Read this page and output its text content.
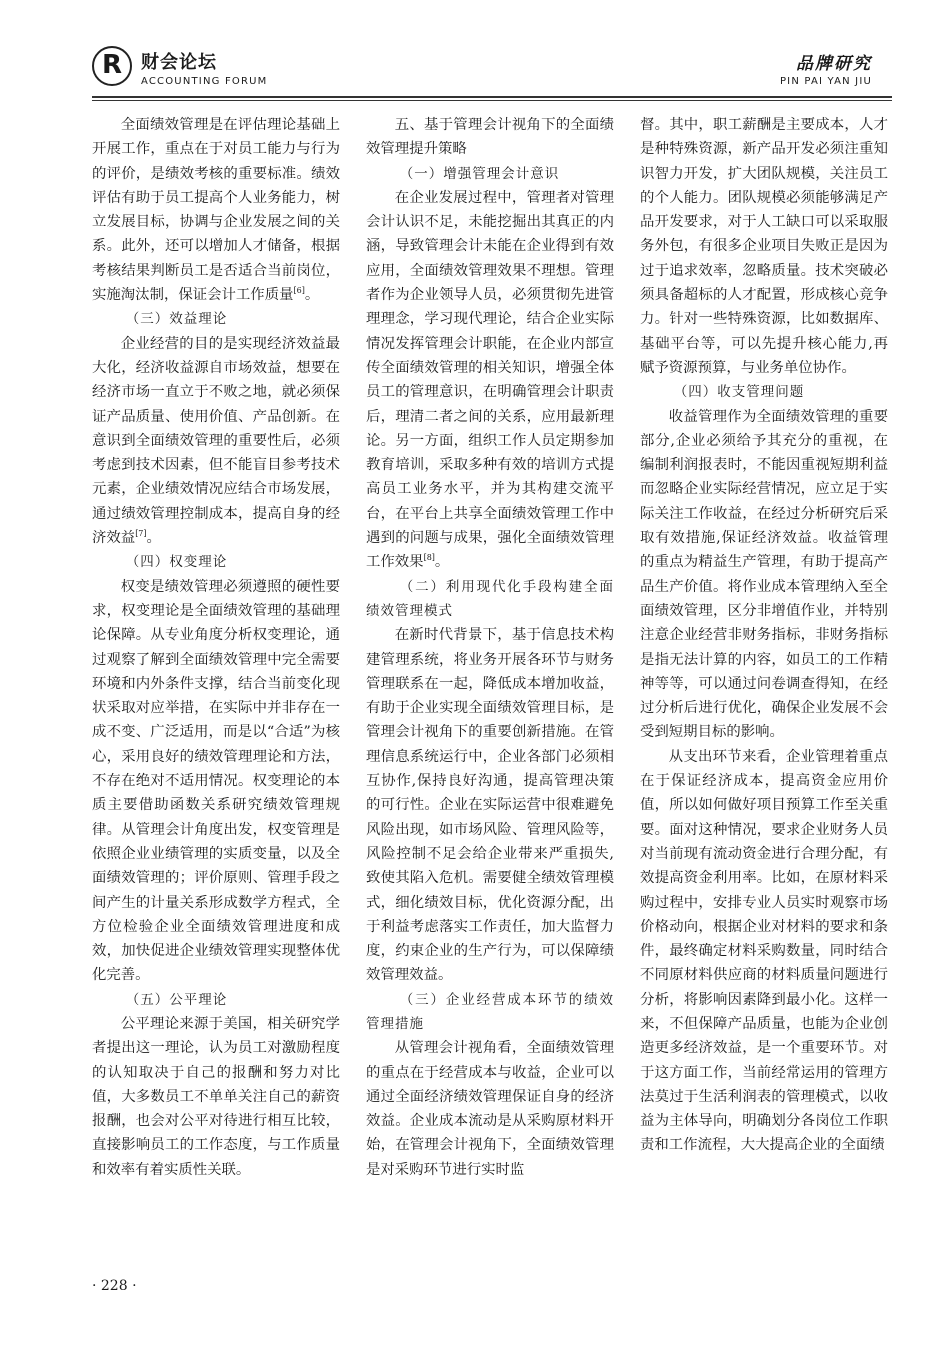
R	财会论坛
ACCOUNTING FORUM
品牌研究
PIN PAI YAN JIU

全面绩效管理是在评估理论基础上开展工作，重点在于对员工能力与行为的评价，是绩效考核的重要标准。绩效评估有助于员工提高个人业务能力，树立发展目标，协调与企业发展之间的关系。此外，还可以增加人才储备，根据考核结果判断员工是否适合当前岗位，实施淘汰制，保证会计工作质量[6]。

（三）效益理论

企业经营的目的是实现经济效益最大化，经济收益源自市场效益，想要在经济市场一直立于不败之地，就必须保证产品质量、使用价值、产品创新。在意识到全面绩效管理的重要性后，必须考虑到技术因素，但不能盲目参考技术元素，企业绩效情况应结合市场发展，通过绩效管理控制成本，提高自身的经济效益[7]。

（四）权变理论

权变是绩效管理必须遵照的硬性要求，权变理论是全面绩效管理的基础理论保障。从专业角度分析权变理论，通过观察了解到全面绩效管理中完全需要环境和内外条件支撑，结合当前变化现状采取对应举措，在实际中并非存在一成不变、广泛适用，而是以“合适”为核心，采用良好的绩效管理理论和方法，不存在绝对不适用情况。权变理论的本质主要借助函数关系研究绩效管理规律。从管理会计角度出发，权变管理是依照企业业绩管理的实质变量，以及全面绩效管理的；评价原则、管理手段之间产生的计量关系形成数学方程式，全方位检验企业全面绩效管理进度和成效，加快促进企业绩效管理实现整体优化完善。

（五）公平理论

公平理论来源于美国，相关研究学者提出这一理论，认为员工对激励程度的认知取决于自己的报酬和努力对比值，大多数员工不单单关注自己的薪资报酬，也会对公平对待进行相互比较，直接影响员工的工作态度，与工作质量和效率有着实质性关联。

五、基于管理会计视角下的全面绩效管理提升策略

（一）增强管理会计意识

在企业发展过程中，管理者对管理会计认识不足，未能挖掘出其真正的内涵，导致管理会计未能在企业得到有效应用，全面绩效管理效果不理想。管理者作为企业领导人员，必须贯彻先进管理理念，学习现代理论，结合企业实际情况发挥管理会计职能，在企业内部宣传全面绩效管理的相关知识，增强全体员工的管理意识，在明确管理会计职责后，理清二者之间的关系，应用最新理论。另一方面，组织工作人员定期参加教育培训，采取多种有效的培训方式提高员工业务水平，并为其构建交流平台，在平台上共享全面绩效管理工作中遇到的问题与成果，强化全面绩效管理工作效果[8]。

（二）利用现代化手段构建全面绩效管理模式

在新时代背景下，基于信息技术构建管理系统，将业务开展各环节与财务管理联系在一起，降低成本增加收益，有助于企业实现全面绩效管理目标，是管理会计视角下的重要创新措施。在管理信息系统运行中，企业各部门必须相互协作,保持良好沟通，提高管理决策的可行性。企业在实际运营中很难避免风险出现，如市场风险、管理风险等，风险控制不足会给企业带来严重损失,致使其陷入危机。需要健全绩效管理模式，细化绩效目标，优化资源分配，出于利益考虑落实工作责任，加大监督力度，约束企业的生产行为，可以保障绩效管理效益。

（三）企业经营成本环节的绩效管理措施

从管理会计视角看，全面绩效管理的重点在于经营成本与收益，企业可以通过全面经济绩效管理保证自身的经济效益。企业成本流动是从采购原材料开始，在管理会计视角下，全面绩效管理是对采购环节进行实时监

督。其中，职工薪酬是主要成本，人才是种特殊资源，新产品开发必须注重知识智力开发，扩大团队规模，关注员工的个人能力。团队规模必须能够满足产品开发要求，对于人工缺口可以采取服务外包，有很多企业项目失败正是因为过于追求效率，忽略质量。技术突破必须具备超标的人才配置，形成核心竞争力。针对一些特殊资源，比如数据库、基础平台等，可以先提升核心能力,再赋予资源预算，与业务单位协作。

（四）收支管理问题

收益管理作为全面绩效管理的重要部分,企业必须给予其充分的重视，在编制利润报表时，不能因重视短期利益而忽略企业实际经营情况，应立足于实际关注工作收益，在经过分析研究后采取有效措施,保证经济效益。收益管理的重点为精益生产管理，有助于提高产品生产价值。将作业成本管理纳入至全面绩效管理，区分非增值作业，并特别注意企业经营非财务指标，非财务指标是指无法计算的内容，如员工的工作精神等等，可以通过问卷调查得知，在经过分析后进行优化，确保企业发展不会受到短期目标的影响。

从支出环节来看，企业管理着重点在于保证经济成本，提高资金应用价值，所以如何做好项目预算工作至关重要。面对这种情况，要求企业财务人员对当前现有流动资金进行合理分配，有效提高资金利用率。比如，在原材料采购过程中，安排专业人员实时观察市场价格动向，根据企业对材料的要求和条件，最终确定材料采购数量，同时结合不同原材料供应商的材料质量问题进行分析，将影响因素降到最小化。这样一来，不但保障产品质量，也能为企业创造更多经济效益，是一个重要环节。对于这方面工作，当前经常运用的管理方法莫过于生活利润表的管理模式，以收益为主体导向，明确划分各岗位工作职责和工作流程，大大提高企业的全面绩

· 228 ·
